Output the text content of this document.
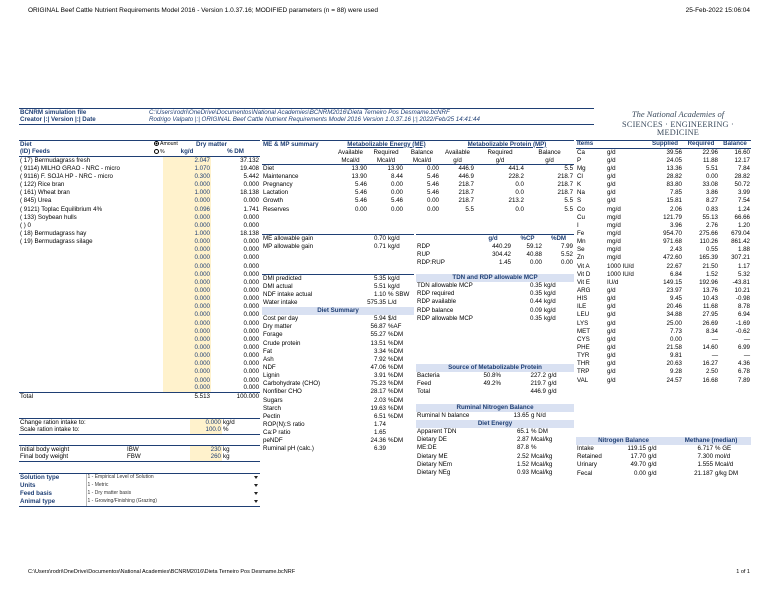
ORIGINAL Beef Cattle Nutrient Requirements Model 2016 - Version 1.0.37.16; MODIFIED parameters (n = 88) were used	25-Feb-2022 15:06:04
BCNRM simulation file	C:\Users\rodri\OneDrive\Documentos\National Academies\BCNRM2016\Dieta Terneiro Pos Desmame.bcNRF
Creator |:| Version |:| Date	Rodrigo Valpato |:| ORIGINAL Beef Cattle Nutrient Requirements Model 2016 Version 1.0.37.16 |:| 2022/Feb/25 14:41:44
The National Academies of
SCIENCES · ENGINEERING · MEDICINE
Diet Amount	Dry matter	
(ID) Feeds %	kg/d	% DM
( 17) Bermudagrass fresh	2.047	37.132
( 9114) MILHO GRAO - NRC - micro	1.070	19.408
( 9116) F. SOJA HP - NRC - micro	0.300	5.442
( 122) Rice bran	0.000	0.000
( 161) Wheat bran	1.000	18.138
( 845) Urea	0.000	0.000
( 9121) Toplac Equilibrium 4%	0.096	1.741
( 133) Soybean hulls	0.000	0.000
( ) 0	0.000	0.000
( 18) Bermudagrass hay	1.000	18.138
( 19) Bermudagrass silage	0.000	0.000
	0.000	0.000
	0.000	0.000
	0.000	0.000
	0.000	0.000
	0.000	0.000
	0.000	0.000
	0.000	0.000
	0.000	0.000
	0.000	0.000
	0.000	0.000
	0.000	0.000
	0.000	0.000
	0.000	0.000
	0.000	0.000
	0.000	0.000
	0.000	0.000
	0.000	0.000
	0.000	0.000
Total	5.513	100.000
Change ration intake to:	0.000	kg/d
Scale ration intake to:	100.0	%
Initial body weight	IBW	230	kg
Final body weight	FBW	260	kg
Solution type	1 - Empirical Level of Solution	
Units	1 - Metric	
Feed basis	1 - Dry matter basis	
Animal type	1 - Growing/Finishing (Grazing)	
ME & MP summary	Metabolizable Energy (ME)			Metabolizable Protein (MP)		
	Available	Required	Balance	Available	Required	Balance
	Mcal/d	Mcal/d	Mcal/d	g/d	g/d	g/d
Diet	13.90	13.90	0.00	446.9	441.4	5.5
Maintenance	13.90	8.44	5.46	446.9	228.2	218.7
Pregnancy	5.46	0.00	5.46	218.7	0.0	218.7
Lactation	5.46	0.00	5.46	218.7	0.0	218.7
Growth	5.46	5.46	0.00	218.7	213.2	5.5
Reserves	0.00	0.00	0.00	5.5	0.0	5.5
ME allowable gain	0.70	kg/d
MP allowable gain	0.71	kg/d
DMI predicted	5.35	kg/d
DMI actual	5.51	kg/d
NDF intake actual	1.10	% SBW
Water intake	575.35	L/d
Diet Summary		
Cost per day	5.94	$/d
Dry matter	56.87	%AF
Forage	55.27	%DM
Crude protein	13.51	%DM
Fat	3.34	%DM
Ash	7.92	%DM
NDF	47.06	%DM
Lignin	3.91	%DM
Carbohydrate (CHO)	75.23	%DM
Nonfiber CHO	28.17	%DM
Sugars	2.03	%DM
Starch	19.63	%DM
Pectin	6.51	%DM
ROP(N):S ratio	1.74	
Ca:P ratio	1.65	
peNDF	24.36	%DM
Ruminal pH (calc.)	6.39	
	g/d	%CP	%DM
RDP	440.29	59.12	7.99
RUP	304.42	40.88	5.52
RDP:RUP	1.45	0.00	0.00
TDN and RDP allowable MCP		
TDN allowable MCP	0.35	kg/d
RDP required	0.35	kg/d
RDP available	0.44	kg/d
RDP balance	0.09	kg/d
RDP allowable MCP	0.35	kg/d
Source of Metabolizable Protein			
Bacteria	50.8%	227.2	g/d
Feed	49.2%	219.7	g/d
Total		446.9	g/d
Ruminal Nitrogen Balance		
Ruminal N balance	13.65	g N/d

Diet Energy		
Apparent TDN	65.1	% DM
Dietary DE	2.87	Mcal/kg
ME:DE	87.8	%
Dietary ME	2.52	Mcal/kg
Dietary NEm	1.52	Mcal/kg
Dietary NEg	0.93	Mcal/kg
Items		Supplied	Required	Balance
Ca	g/d	39.56	22.96	16.60
P	g/d	24.05	11.88	12.17
Mg	g/d	13.36	5.51	7.84
Cl	g/d	28.82	0.00	28.82
K	g/d	83.80	33.08	50.72
Na	g/d	7.85	3.86	3.99
S	g/d	15.81	8.27	7.54
Co	mg/d	2.06	0.83	1.24
Cu	mg/d	121.79	55.13	66.66
I	mg/d	3.96	2.76	1.20
Fe	mg/d	954.70	275.66	679.04
Mn	mg/d	971.68	110.26	861.42
Se	mg/d	2.43	0.55	1.88
Zn	mg/d	472.60	165.39	307.21
Vit A	1000 IU/d	22.67	21.50	1.17
Vit D	1000 IU/d	6.84	1.52	5.32
Vit E	IU/d	149.15	192.96	-43.81
ARG	g/d	23.97	13.76	10.21
HIS	g/d	9.45	10.43	-0.98
ILE	g/d	20.46	11.68	8.78
LEU	g/d	34.88	27.95	6.94
LYS	g/d	25.00	26.69	-1.69
MET	g/d	7.73	8.34	-0.62
CYS	g/d	0.00	—	—
PHE	g/d	21.58	14.60	6.99
TYR	g/d	9.81	—	—
THR	g/d	20.63	16.27	4.36
TRP	g/d	9.28	2.50	6.78
VAL	g/d	24.57	16.68	7.89
Nitrogen Balance			Methane (median)	
Intake	119.15	g/d	6.717	% GE
Retained	17.70	g/d	7.300	mol/d
Urinary	49.70	g/d	1.555	Mcal/d
Fecal	0.00	g/d	21.187	g/kg DM
C:\Users\rodri\OneDrive\Documentos\National Academies\BCNRM2016\Dieta Terneiro Pos Desmame.bcNRF	1 of 1
